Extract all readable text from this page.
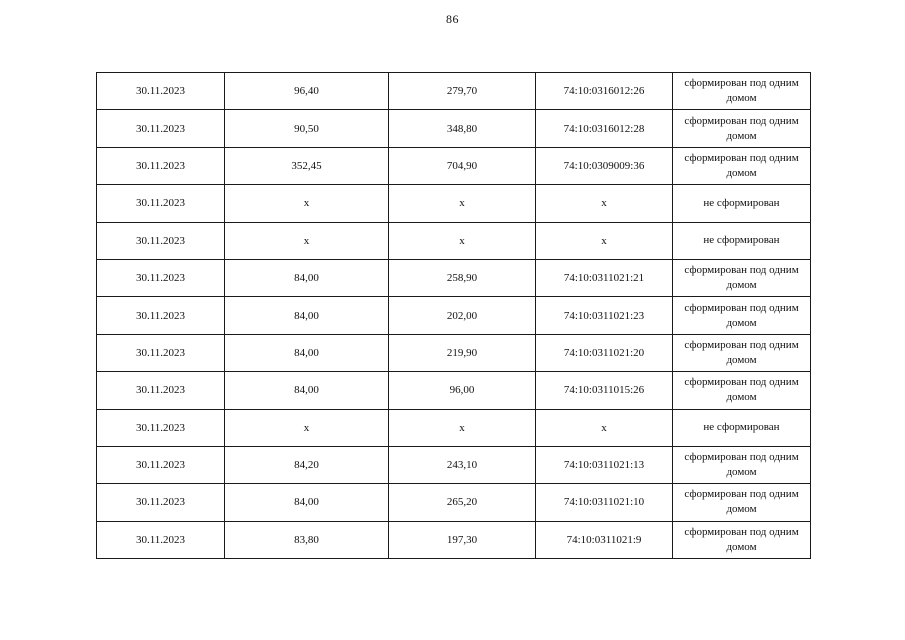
86
30.11.2023	96,40	279,70	74:10:0316012:26	сформирован под одним домом
30.11.2023	90,50	348,80	74:10:0316012:28	сформирован под одним домом
30.11.2023	352,45	704,90	74:10:0309009:36	сформирован под одним домом
30.11.2023	х	х	х	не сформирован
30.11.2023	х	х	х	не сформирован
30.11.2023	84,00	258,90	74:10:0311021:21	сформирован под одним домом
30.11.2023	84,00	202,00	74:10:0311021:23	сформирован под одним домом
30.11.2023	84,00	219,90	74:10:0311021:20	сформирован под одним домом
30.11.2023	84,00	96,00	74:10:0311015:26	сформирован под одним домом
30.11.2023	х	х	х	не сформирован
30.11.2023	84,20	243,10	74:10:0311021:13	сформирован под одним домом
30.11.2023	84,00	265,20	74:10:0311021:10	сформирован под одним домом
30.11.2023	83,80	197,30	74:10:0311021:9	сформирован под одним домом
